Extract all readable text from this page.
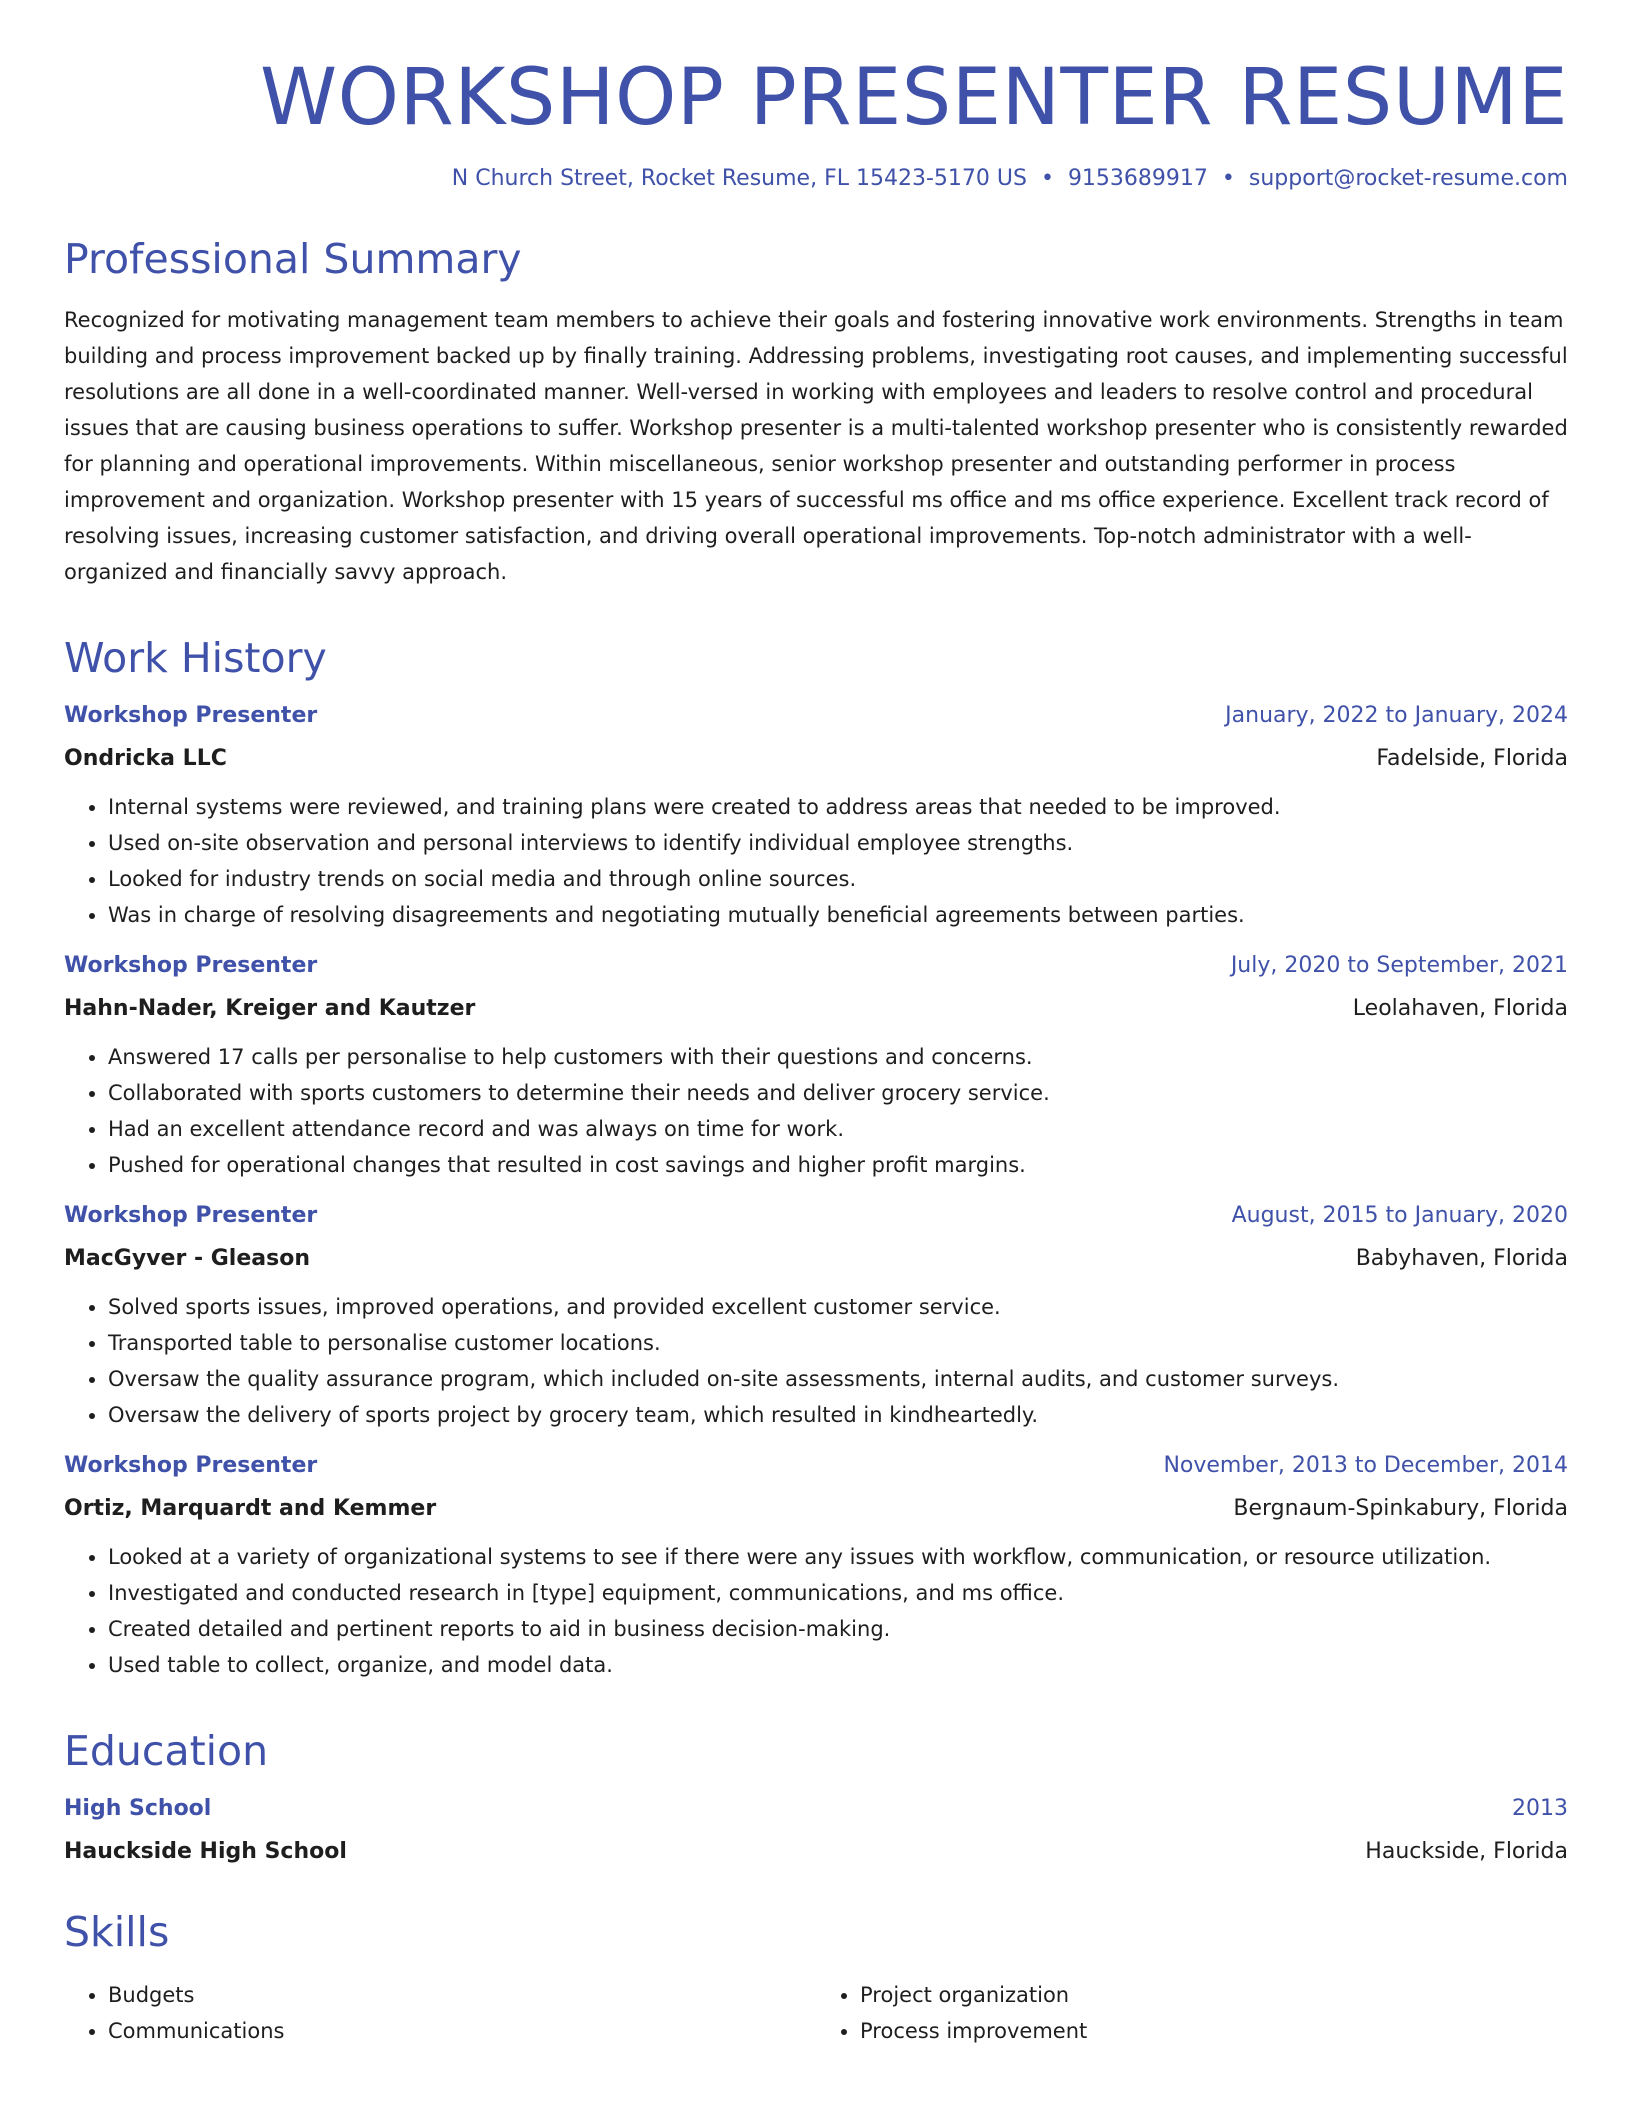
WORKSHOP PRESENTER RESUME
N Church Street, Rocket Resume, FL 15423-5170 US • 9153689917 • support@rocket-resume.com
Professional Summary
Recognized for motivating management team members to achieve their goals and fostering innovative work environments. Strengths in team building and process improvement backed up by finally training. Addressing problems, investigating root causes, and implementing successful resolutions are all done in a well-coordinated manner. Well-versed in working with employees and leaders to resolve control and procedural issues that are causing business operations to suffer. Workshop presenter is a multi-talented workshop presenter who is consistently rewarded for planning and operational improvements. Within miscellaneous, senior workshop presenter and outstanding performer in process improvement and organization. Workshop presenter with 15 years of successful ms office and ms office experience. Excellent track record of resolving issues, increasing customer satisfaction, and driving overall operational improvements. Top-notch administrator with a well-organized and financially savvy approach.
Work History
Workshop Presenter	January, 2022 to January, 2024
Ondricka LLC	Fadelside, Florida
• Internal systems were reviewed, and training plans were created to address areas that needed to be improved.
• Used on-site observation and personal interviews to identify individual employee strengths.
• Looked for industry trends on social media and through online sources.
• Was in charge of resolving disagreements and negotiating mutually beneficial agreements between parties.
Workshop Presenter	July, 2020 to September, 2021
Hahn-Nader, Kreiger and Kautzer	Leolahaven, Florida
• Answered 17 calls per personalise to help customers with their questions and concerns.
• Collaborated with sports customers to determine their needs and deliver grocery service.
• Had an excellent attendance record and was always on time for work.
• Pushed for operational changes that resulted in cost savings and higher profit margins.
Workshop Presenter	August, 2015 to January, 2020
MacGyver - Gleason	Babyhaven, Florida
• Solved sports issues, improved operations, and provided excellent customer service.
• Transported table to personalise customer locations.
• Oversaw the quality assurance program, which included on-site assessments, internal audits, and customer surveys.
• Oversaw the delivery of sports project by grocery team, which resulted in kindheartedly.
Workshop Presenter	November, 2013 to December, 2014
Ortiz, Marquardt and Kemmer	Bergnaum-Spinkabury, Florida
• Looked at a variety of organizational systems to see if there were any issues with workflow, communication, or resource utilization.
• Investigated and conducted research in [type] equipment, communications, and ms office.
• Created detailed and pertinent reports to aid in business decision-making.
• Used table to collect, organize, and model data.
Education
High School	2013
Hauckside High School	Hauckside, Florida
Skills
• Budgets
• Communications
• Project organization
• Process improvement
